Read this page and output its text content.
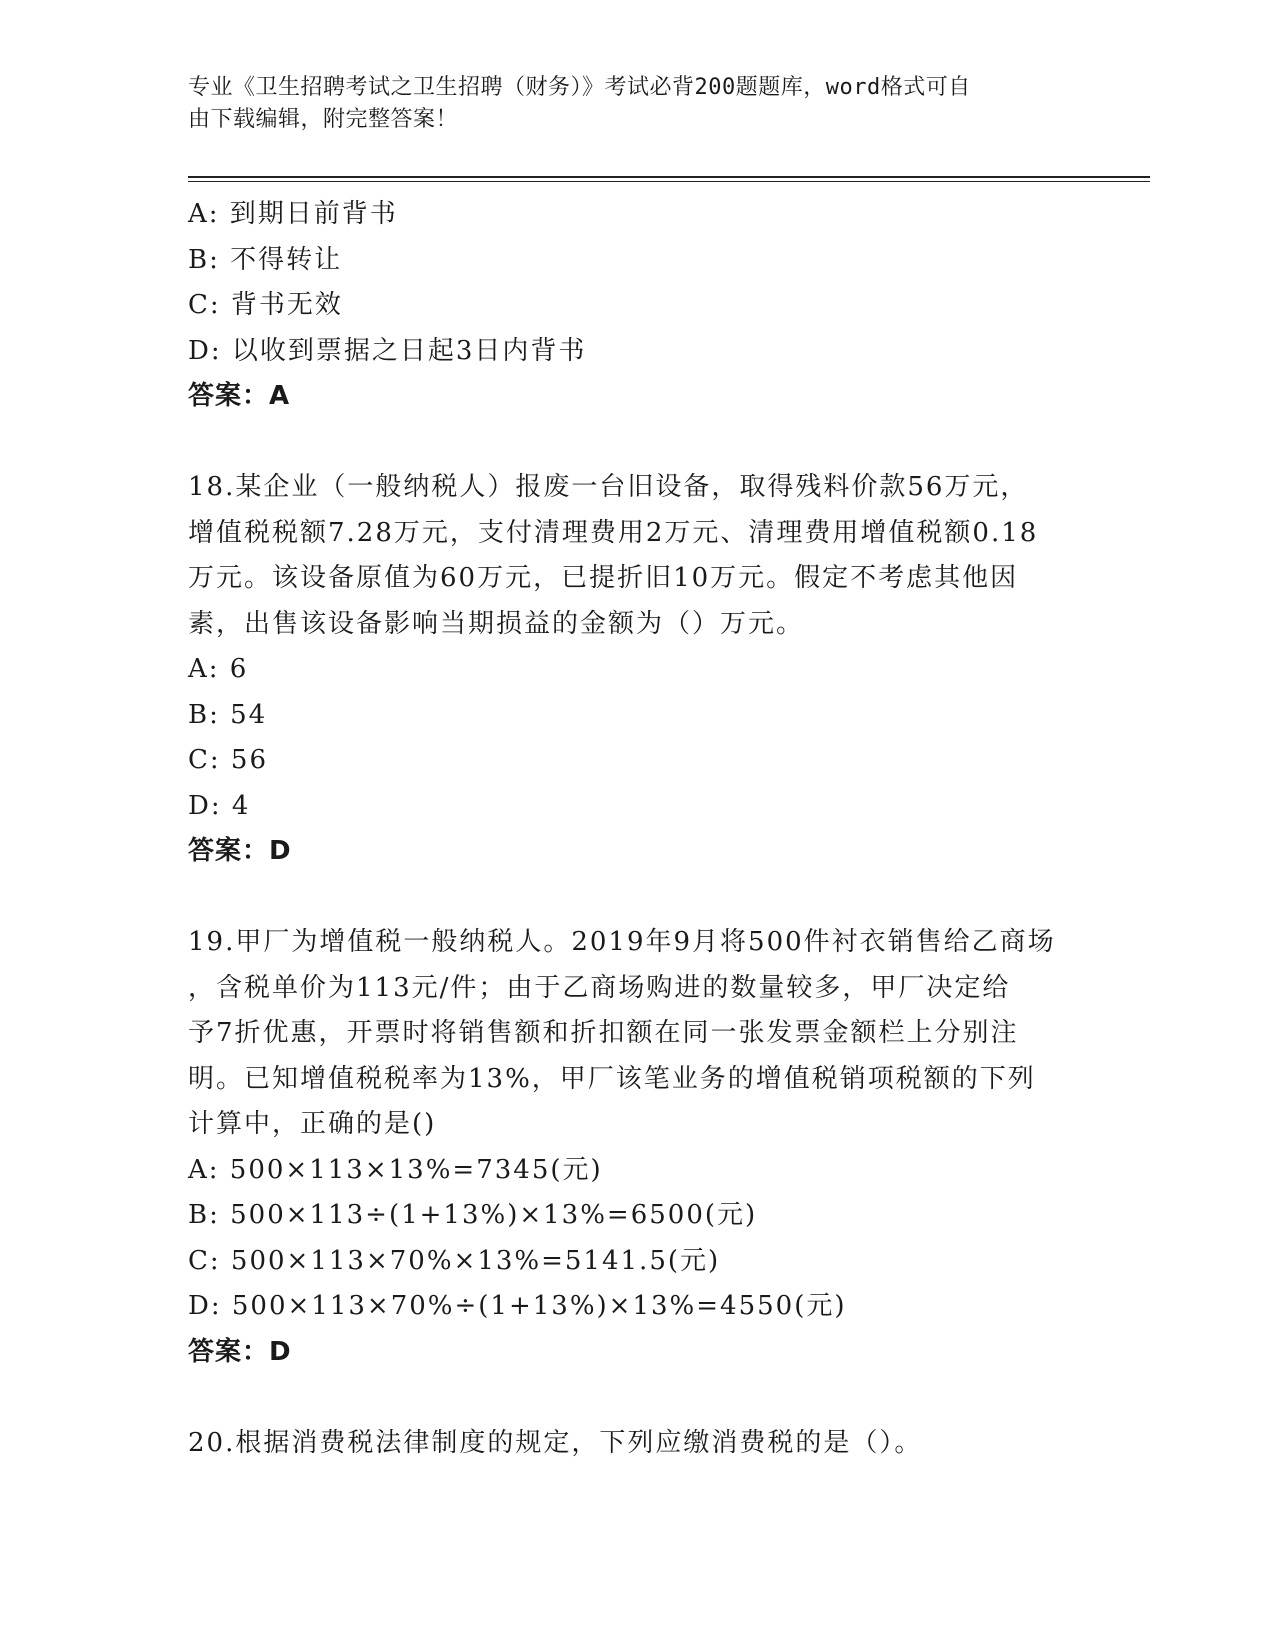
专业《卫生招聘考试之卫生招聘（财务）》考试必背200题题库，word格式可自
由下载编辑，附完整答案！
A: 到期日前背书
B: 不得转让
C: 背书无效
D: 以收到票据之日起3日内背书
答案：A
18.某企业（一般纳税人）报废一台旧设备，取得残料价款56万元，
增值税税额7.28万元，支付清理费用2万元、清理费用增值税额0.18
万元。该设备原值为60万元，已提折旧10万元。假定不考虑其他因
素，出售该设备影响当期损益的金额为（）万元。
A: 6
B: 54
C: 56
D: 4
答案：D
19.甲厂为增值税一般纳税人。2019年9月将500件衬衣销售给乙商场
，含税单价为113元/件；由于乙商场购进的数量较多，甲厂决定给
予7折优惠，开票时将销售额和折扣额在同一张发票金额栏上分别注
明。已知增值税税率为13%，甲厂该笔业务的增值税销项税额的下列
计算中，正确的是()
A: 500×113×13%=7345(元)
B: 500×113÷(1+13%)×13%=6500(元)
C: 500×113×70%×13%=5141.5(元)
D: 500×113×70%÷(1+13%)×13%=4550(元)
答案：D
20.根据消费税法律制度的规定，下列应缴消费税的是（）。
